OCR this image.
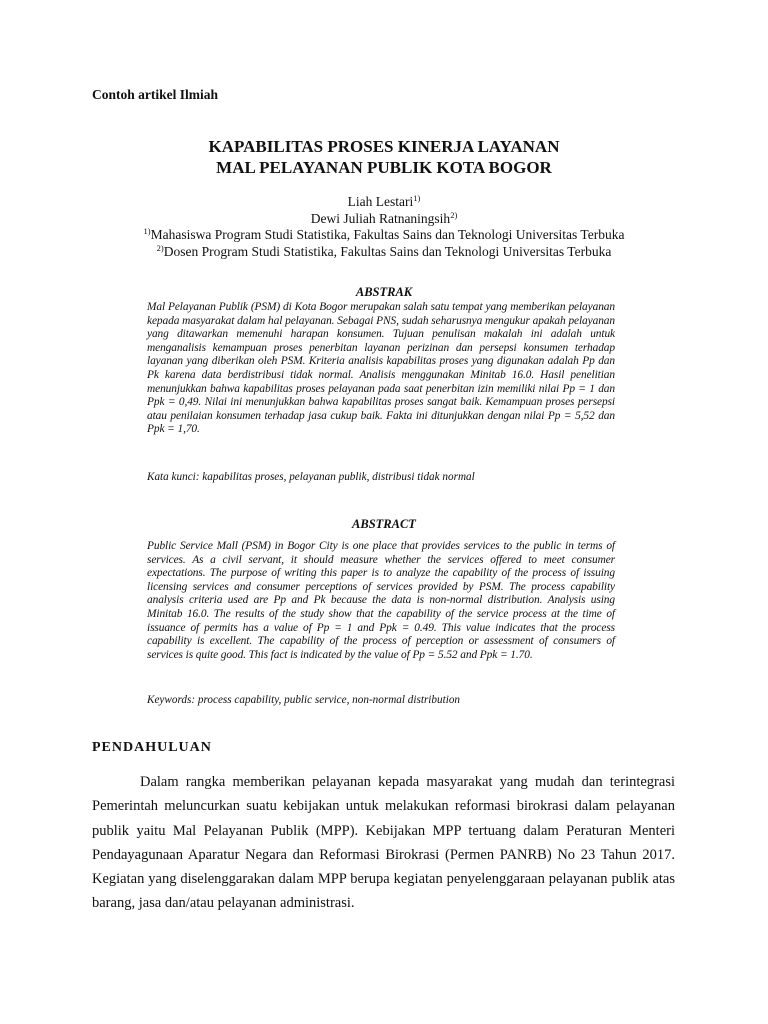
Contoh artikel Ilmiah
KAPABILITAS PROSES KINERJA LAYANAN
MAL PELAYANAN PUBLIK KOTA BOGOR
Liah Lestari$^{1)}$
Dewi Juliah Ratnaningsih$^{2)}$
$^{1)}$Mahasiswa Program Studi Statistika, Fakultas Sains dan Teknologi Universitas Terbuka
$^{2)}$Dosen Program Studi Statistika, Fakultas Sains dan Teknologi Universitas Terbuka
ABSTRAK
Mal Pelayanan Publik (PSM) di Kota Bogor merupakan salah satu tempat yang memberikan pelayanan kepada masyarakat dalam hal pelayanan. Sebagai PNS, sudah seharusnya mengukur apakah pelayanan yang ditawarkan memenuhi harapan konsumen. Tujuan penulisan makalah ini adalah untuk menganalisis kemampuan proses penerbitan layanan perizinan dan persepsi konsumen terhadap layanan yang diberikan oleh PSM. Kriteria analisis kapabilitas proses yang digunakan adalah Pp dan Pk karena data berdistribusi tidak normal. Analisis menggunakan Minitab 16.0. Hasil penelitian menunjukkan bahwa kapabilitas proses pelayanan pada saat penerbitan izin memiliki nilai Pp = 1 dan Ppk = 0,49. Nilai ini menunjukkan bahwa kapabilitas proses sangat baik. Kemampuan proses persepsi atau penilaian konsumen terhadap jasa cukup baik. Fakta ini ditunjukkan dengan nilai Pp = 5,52 dan Ppk = 1,70.
Kata kunci: kapabilitas proses, pelayanan publik, distribusi tidak normal
ABSTRACT
Public Service Mall (PSM) in Bogor City is one place that provides services to the public in terms of services. As a civil servant, it should measure whether the services offered to meet consumer expectations. The purpose of writing this paper is to analyze the capability of the process of issuing licensing services and consumer perceptions of services provided by PSM. The process capability analysis criteria used are Pp and Pk because the data is non-normal distribution. Analysis using Minitab 16.0. The results of the study show that the capability of the service process at the time of issuance of permits has a value of Pp = 1 and Ppk = 0.49. This value indicates that the process capability is excellent. The capability of the process of perception or assessment of consumers of services is quite good. This fact is indicated by the value of Pp = 5.52 and Ppk = 1.70.
Keywords: process capability, public service, non-normal distribution
PENDAHULUAN
Dalam rangka memberikan pelayanan kepada masyarakat yang mudah dan terintegrasi Pemerintah meluncurkan suatu kebijakan untuk melakukan reformasi birokrasi dalam pelayanan publik yaitu Mal Pelayanan Publik (MPP). Kebijakan MPP tertuang dalam Peraturan Menteri Pendayagunaan Aparatur Negara dan Reformasi Birokrasi (Permen PANRB) No 23 Tahun 2017. Kegiatan yang diselenggarakan dalam MPP berupa kegiatan penyelenggaraan pelayanan publik atas barang, jasa dan/atau pelayanan administrasi.
